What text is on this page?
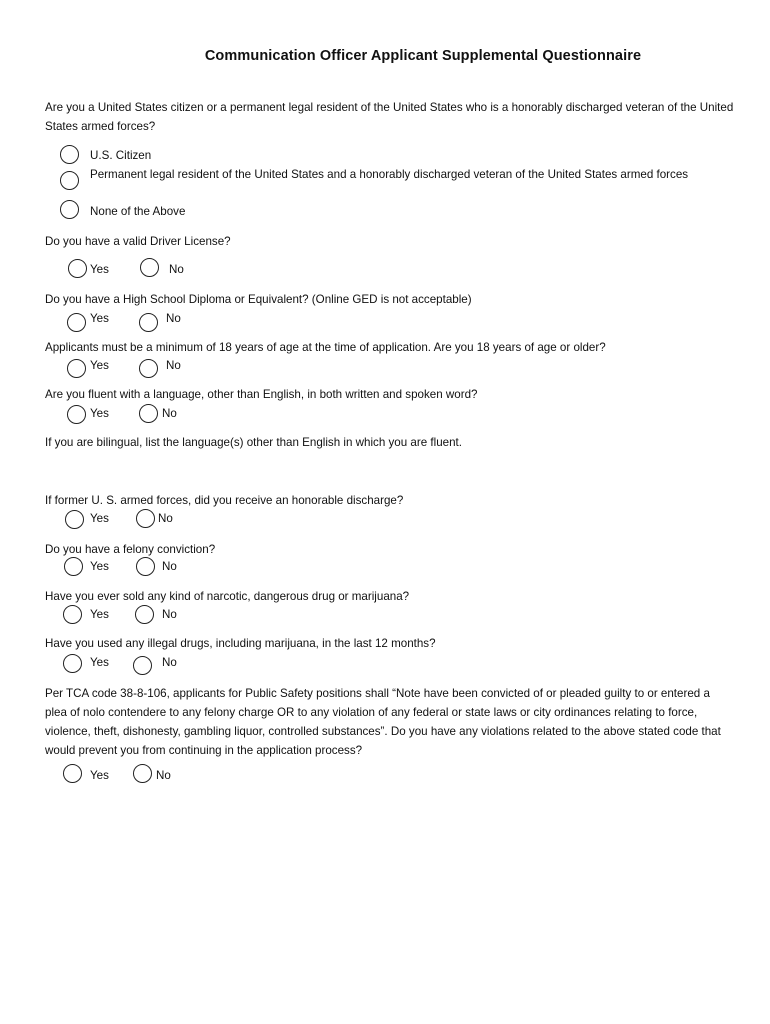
Communication Officer Applicant Supplemental Questionnaire
Are you a United States citizen or a permanent legal resident of the United States who is a honorably discharged veteran of the United States armed forces?
U.S. Citizen
Permanent legal resident of the United States and a honorably discharged veteran of the United States armed forces
None of the Above
Do you have a valid Driver License?
Yes	No
Do you have a High School Diploma or Equivalent? (Online GED is not acceptable)
Yes	No
Applicants must be a minimum of 18 years of age at the time of application. Are you 18 years of age or older?
Yes	No
Are you fluent with a language, other than English, in both written and spoken word?
Yes	No
If you are bilingual, list the language(s) other than English in which you are fluent.
If former U. S. armed forces, did you receive an honorable discharge?
Yes	No
Do you have a felony conviction?
Yes	No
Have you ever sold any kind of narcotic, dangerous drug or marijuana?
Yes	No
Have you used any illegal drugs, including marijuana, in the last 12 months?
Yes	No
Per TCA code 38-8-106, applicants for Public Safety positions shall “Note have been convicted of or pleaded guilty to or entered a plea of nolo contendere to any felony charge OR to any violation of any federal or state laws or city ordinances relating to force, violence, theft, dishonesty, gambling liquor, controlled substances”. Do you have any violations related to the above stated code that would prevent you from continuing in the application process?
Yes	No
